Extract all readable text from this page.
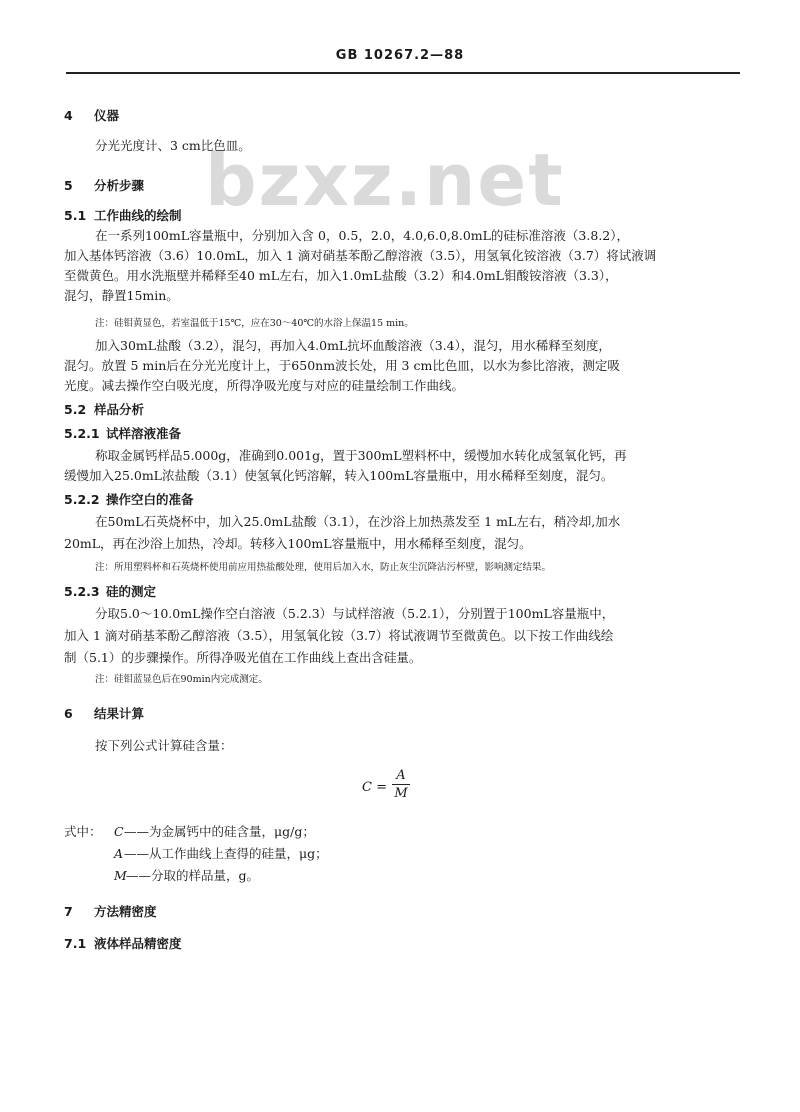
GB 10267.2—88
bzxz.net
4 仪器
分光光度计、3 cm比色皿。
5 分析步骤
5.1 工作曲线的绘制
在一系列100mL容量瓶中，分别加入含 0，0.5，2.0，4.0,6.0,8.0mL的硅标准溶液（3.8.2），
加入基体钙溶液（3.6）10.0mL，加入 1 滴对硝基苯酚乙醇溶液（3.5），用氢氧化铵溶液（3.7）将试液调
至微黄色。用水洗瓶壁并稀释至40 mL左右，加入1.0mL盐酸（3.2）和4.0mL钼酸铵溶液（3.3），
混匀，静置15min。
注：硅钼黄显色，若室温低于15℃，应在30～40℃的水浴上保温15 min。
加入30mL盐酸（3.2），混匀，再加入4.0mL抗坏血酸溶液（3.4），混匀，用水稀释至刻度，
混匀。放置 5 min后在分光光度计上，于650nm波长处，用 3 cm比色皿，以水为参比溶液，测定吸
光度。减去操作空白吸光度，所得净吸光度与对应的硅量绘制工作曲线。
5.2 样品分析
5.2.1 试样溶液准备
称取金属钙样品5.000g，准确到0.001g，置于300mL塑料杯中，缓慢加水转化成氢氧化钙，再
缓慢加入25.0mL浓盐酸（3.1）使氢氧化钙溶解，转入100mL容量瓶中，用水稀释至刻度，混匀。
5.2.2 操作空白的准备
在50mL石英烧杯中，加入25.0mL盐酸（3.1），在沙浴上加热蒸发至 1 mL左右，稍冷却,加水
20mL，再在沙浴上加热，冷却。转移入100mL容量瓶中，用水稀释至刻度，混匀。
注：所用塑料杯和石英烧杯使用前应用热盐酸处理，使用后加入水，防止灰尘沉降沾污杯壁，影响测定结果。
5.2.3 硅的测定
分取5.0～10.0mL操作空白溶液（5.2.3）与试样溶液（5.2.1），分别置于100mL容量瓶中，
加入 1 滴对硝基苯酚乙醇溶液（3.5），用氢氧化铵（3.7）将试液调节至微黄色。以下按工作曲线绘
制（5.1）的步骤操作。所得净吸光值在工作曲线上查出含硅量。
注：硅钼蓝显色后在90min内完成测定。
6 结果计算
按下列公式计算硅含量：
C =
A
M
式中： C ——为金属钙中的硅含量，μg/g；
A ——从工作曲线上查得的硅量，μg；
M ——分取的样品量，g。
7 方法精密度
7.1 液体样品精密度
